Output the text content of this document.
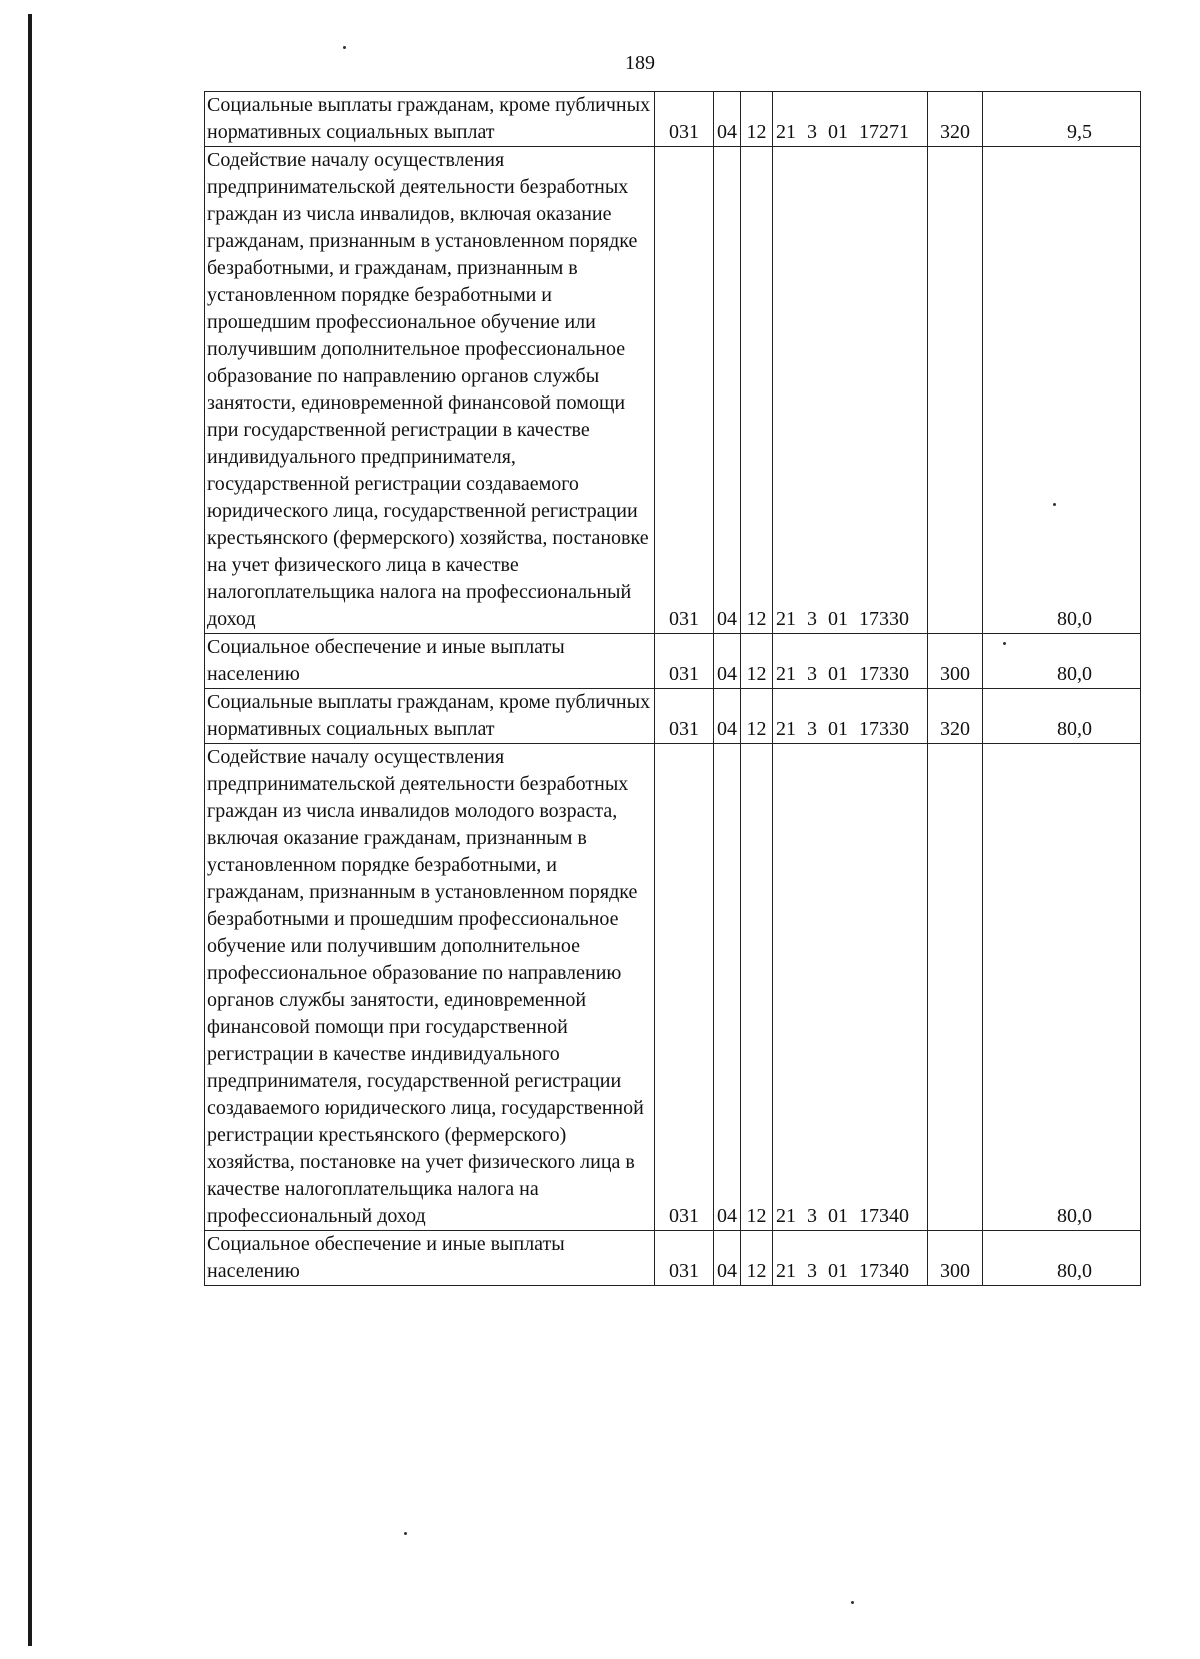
189
Социальные выплаты гражданам, кроме публичных нормативных социальных выплат	031	04	12	21 3 01 17271	320	9,5
Содействие началу осуществления предпринимательской деятельности безработных граждан из числа инвалидов, включая оказание гражданам, признанным в установленном порядке безработными, и гражданам, признанным в установленном порядке безработными и прошедшим профессиональное обучение или получившим дополнительное профессиональное образование по направлению органов службы занятости, единовременной финансовой помощи при государственной регистрации в качестве индивидуального предпринимателя, государственной регистрации создаваемого юридического лица, государственной регистрации крестьянского (фермерского) хозяйства, постановке на учет физического лица в качестве налогоплательщика налога на профессиональный доход	031	04	12	21 3 01 17330		80,0
Социальное обеспечение и иные выплаты населению	031	04	12	21 3 01 17330	300	80,0
Социальные выплаты гражданам, кроме публичных нормативных социальных выплат	031	04	12	21 3 01 17330	320	80,0
Содействие началу осуществления предпринимательской деятельности безработных граждан из числа инвалидов молодого возраста, включая оказание гражданам, признанным в установленном порядке безработными, и гражданам, признанным в установленном порядке безработными и прошедшим профессиональное обучение или получившим дополнительное профессиональное образование по направлению органов службы занятости, единовременной финансовой помощи при государственной регистрации в качестве индивидуального предпринимателя, государственной регистрации создаваемого юридического лица, государственной регистрации крестьянского (фермерского) хозяйства, постановке на учет физического лица в качестве налогоплательщика налога на профессиональный доход	031	04	12	21 3 01 17340		80,0
Социальное обеспечение и иные выплаты населению	031	04	12	21 3 01 17340	300	80,0
